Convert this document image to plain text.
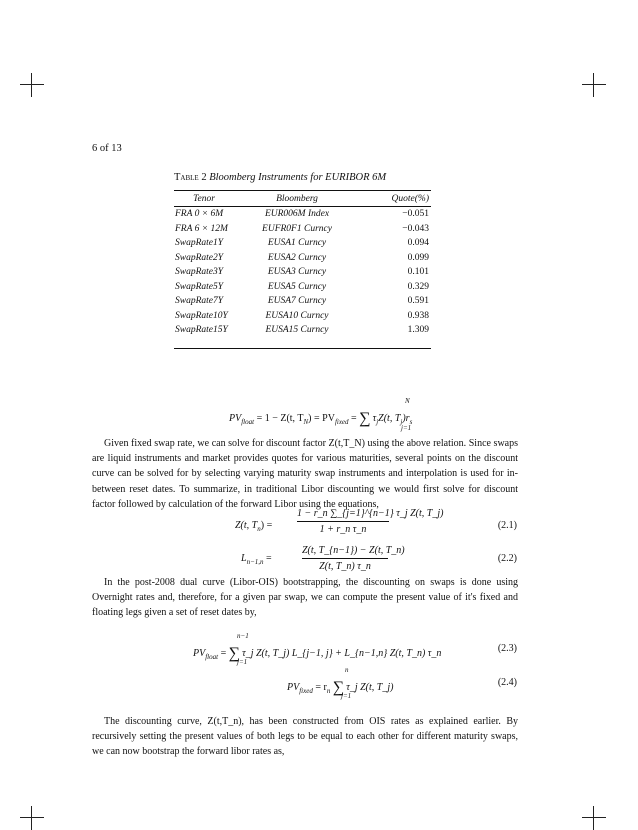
6 of 13
Table 2 Bloomberg Instruments for EURIBOR 6M
Tenor	Bloomberg	Quote(%)
FRA 0 × 6M	EUR006M Index	−0.051
FRA 6 × 12M	EUFR0F1 Curncy	−0.043
SwapRate1Y	EUSA1 Curncy	0.094
SwapRate2Y	EUSA2 Curncy	0.099
SwapRate3Y	EUSA3 Curncy	0.101
SwapRate5Y	EUSA5 Curncy	0.329
SwapRate7Y	EUSA7 Curncy	0.591
SwapRate10Y	EUSA10 Curncy	0.938
SwapRate15Y	EUSA15 Curncy	1.309
$PV_{float} = 1 - Z(t$, $T_N) = PV_{fixed}$ = ∑  $\tau_jZ(t$, $T_j)r_s$
N
j=1

Given fixed swap rate, we can solve for discount factor Z(t,T_N) using the above relation. Since swaps are liquid instruments and market provides quotes for various maturities, several points on the discount curve can be solved for by selecting varying maturity swap instruments and interpolation is used for in-between reset dates. To summarize, in traditional Libor discounting we would first solve for discount factor followed by calculation of the forward Libor using the equations,

Z(t, $T_n$) =
1 − r_n ∑_{j=1}^{n−1} τ_j Z(t, T_j)
1 + r_n τ_n	(2.1)
$L_{n-1,n}$ =
Z(t, T_{n−1}) − Z(t, T_n)
Z(t, T_n) τ_n
(2.2)

In the post-2008 dual curve (Libor-OIS) bootstrapping, the discounting on swaps is done using Overnight rates and, therefore, for a given par swap, we can compute the present value of it's fixed and floating legs given a set of reset dates by,

$PV_{float}$ = ∑  τ_j Z(t, T_j) L_{j−1, j} + L_{n−1,n} Z(t, T_n) τ_n
n−1
j=1
(2.3)
$PV_{fixed} = r_n$ ∑  τ_j Z(t, T_j)
n
j=1
(2.4)

The discounting curve, Z(t,T_n), has been constructed from OIS rates as explained earlier. By recursively setting the present values of both legs to be equal to each other for different maturity swaps, we can now bootstrap the forward libor rates as,
